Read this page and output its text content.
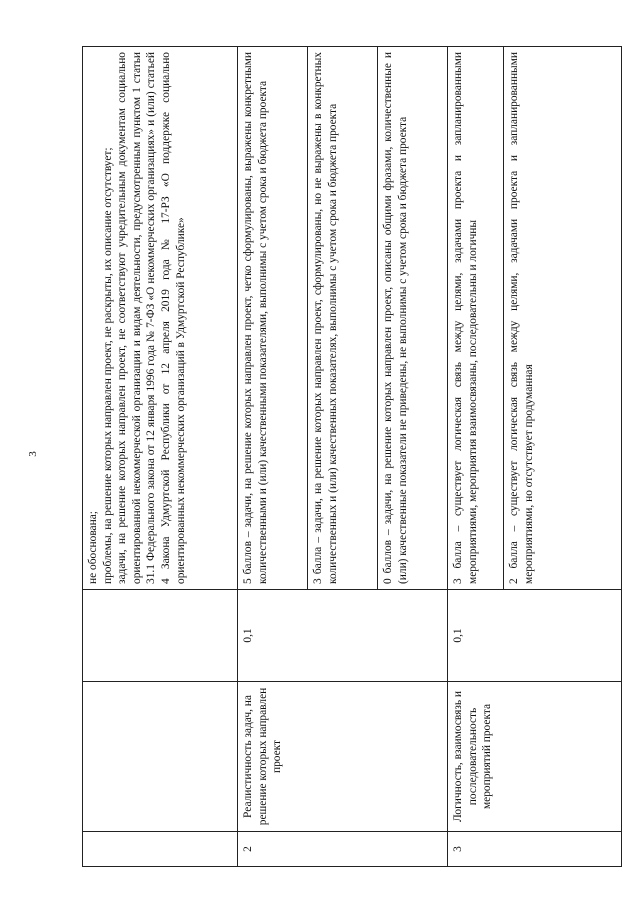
3

			не обоснована; проблемы, на решение которых направлен проект, не раскрыты, их описание отсутствует; задачи, на решение которых направлен проект, не соответствуют учредительным документам социально ориентированной некоммерческой организации и видам деятельности, предусмотренным пунктом 1 статьи 31.1 Федерального закона от 12 января 1996 года № 7-ФЗ «О некоммерческих организациях» и (или) статьей 4 Закона Удмуртской Республики от 12 апреля 2019 года № 17-РЗ «О поддержке социально ориентированных некоммерческих организаций в Удмуртской Республике»

2	Реалистичность задач, на решение которых направлен проект	0,1	5 баллов – задачи, на решение которых направлен проект, четко сформулированы, выражены конкретными количественными и (или) качественными показателями, выполнимы с учетом срока и бюджета проекта
			3 балла – задачи, на решение которых направлен проект, сформулированы, но не выражены в конкретных количественных и (или) качественных показателях, выполнимы с учетом срока и бюджета проекта
			0 баллов – задачи, на решение которых направлен проект, описаны общими фразами, количественные и (или) качественные показатели не приведены, не выполнимы с учетом срока и бюджета проекта
3	Логичность, взаимосвязь и последовательность мероприятий проекта	0,1	3 балла – существует логическая связь между целями, задачами проекта и запланированными мероприятиями, мероприятия взаимосвязаны, последовательны и логичны
			2 балла – существует логическая связь между целями, задачами проекта и запланированными мероприятиями, но отсутствует продуманная
